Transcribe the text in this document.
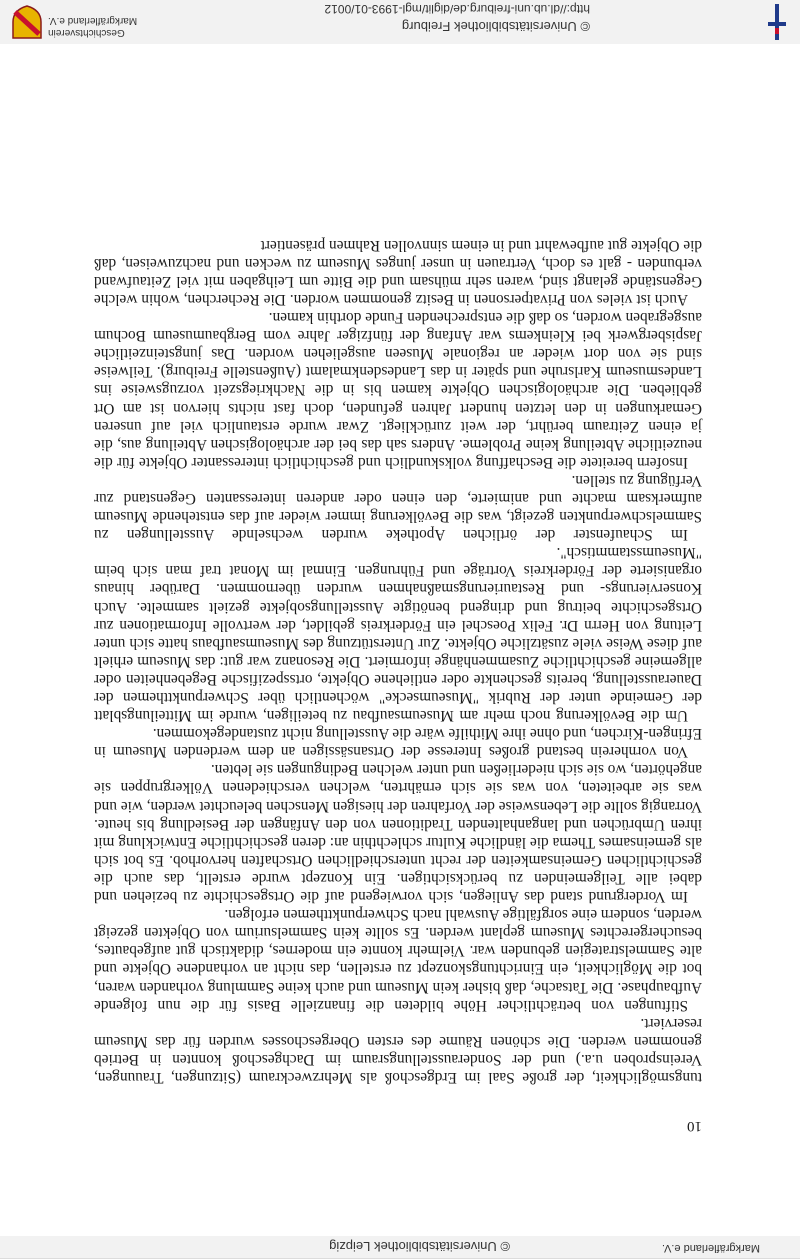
Markgräflerland e.V.
© Universitätsbibliothek Leipzig
10

tungsmöglichkeit, der große Saal im Erdgeschoß als Mehrzweckraum (Sitzungen, Trauungen, Vereinsproben u.a.) und der Sonderausstellungsraum im Dachgeschoß konnten in Betrieb genommen werden. Die schönen Räume des ersten Obergeschosses wurden für das Museum reserviert.

Stiftungen von beträchtlicher Höhe bildeten die finanzielle Basis für die nun folgende Aufbauphase. Die Tatsache, daß bisher kein Museum und auch keine Sammlung vorhanden waren, bot die Möglichkeit, ein Einrichtungskonzept zu erstellen, das nicht an vorhandene Objekte und alte Sammelstrategien gebunden war. Vielmehr konnte ein modernes, didaktisch gut aufgebautes, besuchergerechtes Museum geplant werden. Es sollte kein Sammelsurium von Objekten gezeigt werden, sondern eine sorgfältige Auswahl nach Schwerpunktthemen erfolgen.

Im Vordergrund stand das Anliegen, sich vorwiegend auf die Ortsgeschichte zu beziehen und dabei alle Teilgemeinden zu berücksichtigen. Ein Konzept wurde erstellt, das auch die geschichtlichen Gemeinsamkeiten der recht unterschiedlichen Ortschaften hervorhob. Es bot sich als gemeinsames Thema die ländliche Kultur schlechthin an: deren geschichtliche Entwicklung mit ihren Umbrüchen und langanhaltenden Traditionen von den Anfängen der Besiedlung bis heute. Vorrangig sollte die Lebensweise der Vorfahren der hiesigen Menschen beleuchtet werden, wie und was sie arbeiteten, von was sie sich ernährten, welchen verschiedenen Völkergruppen sie angehörten, wo sie sich niederließen und unter welchen Bedingungen sie lebten.

Von vornherein bestand großes Interesse der Ortsansässigen an dem werdenden Museum in Efringen-Kirchen, und ohne ihre Mithilfe wäre die Ausstellung nicht zustandegekommen.

Um die Bevölkerung noch mehr am Museumsaufbau zu beteiligen, wurde im Mitteilungsblatt der Gemeinde unter der Rubrik "Museumsecke" wöchentlich über Schwerpunktthemen der Dauerausstellung, bereits geschenkte oder entliehene Objekte, ortsspezifische Begebenheiten oder allgemeine geschichtliche Zusammenhänge informiert. Die Resonanz war gut: das Museum erhielt auf diese Weise viele zusätzliche Objekte. Zur Unterstützung des Museumsaufbaus hatte sich unter Leitung von Herrn Dr. Felix Poeschel ein Förderkreis gebildet, der wertvolle Informationen zur Ortsgeschichte beitrug und dringend benötigte Ausstellungsobjekte gezielt sammelte. Auch Konservierungs- und Restaurierungsmaßnahmen wurden übernommen. Darüber hinaus organisierte der Förderkreis Vorträge und Führungen. Einmal im Monat traf man sich beim "Museumsstammtisch".

Im Schaufenster der örtlichen Apotheke wurden wechselnde Ausstellungen zu Sammelschwerpunkten gezeigt, was die Bevölkerung immer wieder auf das entstehende Museum aufmerksam machte und animierte, den einen oder anderen interessanten Gegenstand zur Verfügung zu stellen.

Insofern bereitete die Beschaffung volkskundlich und geschichtlich interessanter Objekte für die neuzeitliche Abteilung keine Probleme. Anders sah das bei der archäologischen Abteilung aus, die ja einen Zeitraum berührt, der weit zurückliegt. Zwar wurde erstaunlich viel auf unseren Gemarkungen in den letzten hundert Jahren gefunden, doch fast nichts hiervon ist am Ort geblieben. Die archäologischen Objekte kamen bis in die Nachkriegszeit vorzugsweise ins Landesmuseum Karlsruhe und später in das Landesdenkmalamt (Außenstelle Freiburg). Teilweise sind sie von dort wieder an regionale Museen ausgeliehen worden. Das jungsteinzeitliche Jaspisbergwerk bei Kleinkems war Anfang der fünfziger Jahre vom Bergbaumuseum Bochum ausgegraben worden, so daß die entsprechenden Funde dorthin kamen.

Auch ist vieles von Privatpersonen in Besitz genommen worden. Die Recherchen, wohin welche Gegenstände gelangt sind, waren sehr mühsam und die Bitte um Leihgaben mit viel Zeitaufwand verbunden - galt es doch, Vertrauen in unser junges Museum zu wecken und nachzuweisen, daß die Objekte gut aufbewahrt und in einem sinnvollen Rahmen präsentiert

© Universitätsbibliothek Freiburg
http://dl.ub.uni-freiburg.de/diglit/mgl-1993-01/0012
Geschichtsverein Markgräflerland e.V.
